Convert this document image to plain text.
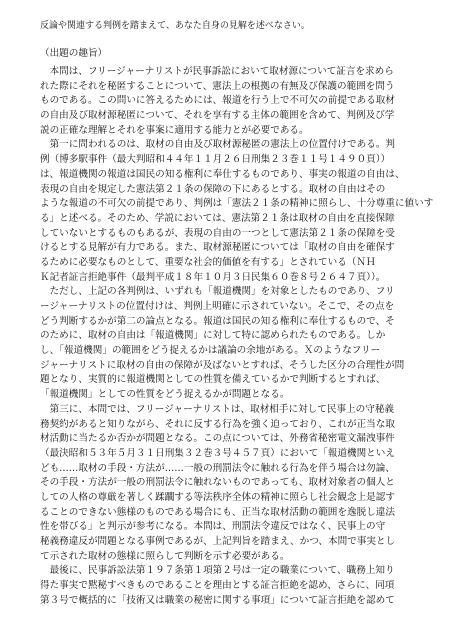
反論や関連する判例を踏まえて、あなた自身の見解を述べなさい。
（出題の趣旨）
　本問は、フリージャーナリストが民事訴訟において取材源について証言を求めら
れた際にそれを秘匿することについて、憲法上の根拠の有無及び保護の範囲を問う
ものである。この問いに答えるためには、報道を行う上で不可欠の前提である取材
の自由及び取材源秘匿について、それを享有する主体の範囲を含めて、判例及び学
説の正確な理解とそれを事案に適用する能力とが必要である。
　第一に問われるのは、取材の自由及び取材源秘匿の憲法上の位置付けである。判
例（博多駅事件（最大判昭和４４年１１月２６日刑集２３巻１１号１４９０頁））
は、報道機関の報道は国民の知る権利に奉仕するものであり、事実の報道の自由は、
表現の自由を規定した憲法第２１条の保障の下にあるとする。取材の自由はその
ような報道の不可欠の前提であり、判例は「憲法２１条の精神に照らし、十分尊重に値いす
る」と述べる。そのため、学説においては、憲法第２１条は取材の自由を直接保障
していないとするものもあるが、表現の自由の一つとして憲法第２１条の保障を受
けるとする見解が有力である。また、取材源秘匿については「取材の自由を確保す
るために必要なものとして、重要な社会的価値を有する」とされている（ＮＨ
Ｋ記者証言拒絶事件（最判平成１８年１０月３日民集６０巻８号２６４７頁））。
　ただし、上記の各判例は、いずれも「報道機関」を対象としたものであり、フリ
ージャーナリストの位置付けは、判例上明確に示されていない。そこで、その点を
どう判断するかが第二の論点となる。報道は国民の知る権利に奉仕するもので、そ
のために、取材の自由は「報道機関」に対して特に認められたものである。しか
し、「報道機関」の範囲をどう捉えるかは議論の余地がある。Ｘのようなフリー
ジャーナリストに取材の自由の保障が及ばないとすれば、そうした区分の合理性が問
題となり、実質的に報道機関としての性質を備えているかで判断するとすれば、
「報道機関」としての性質をどう捉えるかが問題となる。
　第三に、本問では、フリージャーナリストは、取材相手に対して民事上の守秘義
務契約があると知りながら、それに反する行為を強く迫っており、これが正当な取
材活動に当たるか否かが問題となる。この点については、外務省秘密電文漏洩事件
（最決昭和５３年５月３１日刑集３２巻３号４５７頁）において「報道機関といえ
ども……取材の手段・方法が……一般の刑罰法令に触れる行為を伴う場合は勿論、
その手段・方法が一般の刑罰法令に触れないものであっても、取材対象者の個人と
しての人格の尊厳を著しく蹂躙する等法秩序全体の精神に照らし社会観念上是認す
ることのできない態様のものである場合にも、正当な取材活動の範囲を逸脱し違法
性を帯びる」と判示が参考になる。本問は、刑罰法令違反ではなく、民事上の守
秘義務違反が問題となる事例であるが、上記判旨を踏まえ、かつ、本問で事実とし
て示された取材の態様に照らして判断を示す必要がある。
　最後に、民事訴訟法第１９７条第１項第２号は一定の職業について、職務上知り
得た事実で黙秘すべきものであることを理由とする証言拒絶を認め、さらに、同項
第３号で概括的に「技術又は職業の秘密に関する事項」について証言拒絶を認めて
